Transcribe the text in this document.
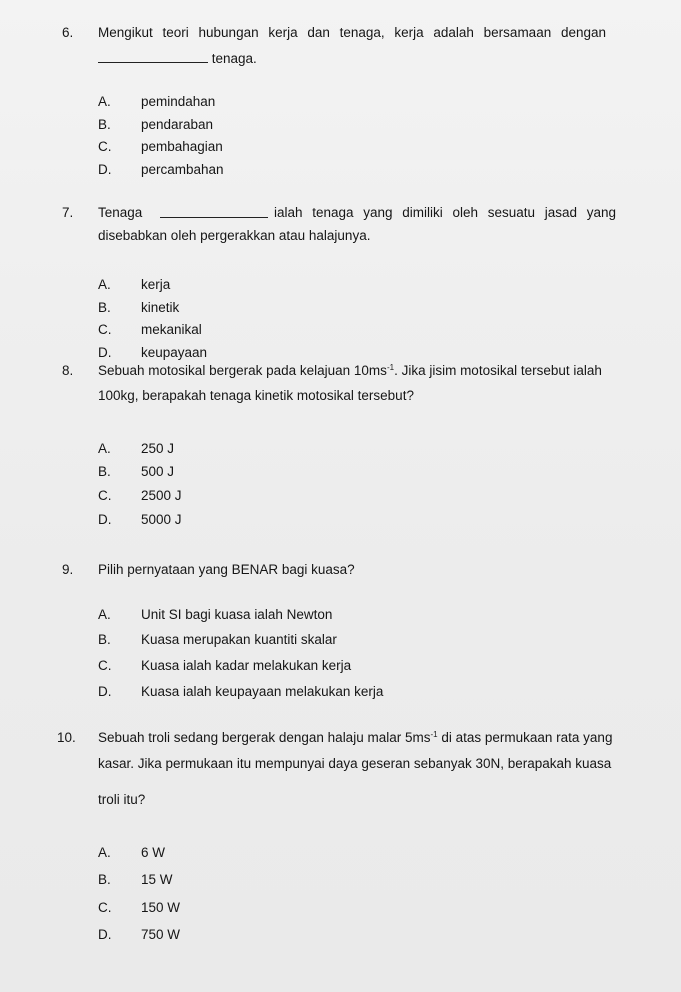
6. Mengikut teori hubungan kerja dan tenaga, kerja adalah bersamaan dengan
tenaga.
A. pemindahan
B. pendaraban
C. pembahagian
D. percambahan
7. Tenaga	ialah tenaga yang dimiliki oleh sesuatu jasad yang
disebabkan oleh pergerakkan atau halajunya.
A. kerja
B. kinetik
C. mekanikal
D. keupayaan
8. Sebuah motosikal bergerak pada kelajuan $10ms^{-1}$. Jika jisim motosikal tersebut ialah
100kg, berapakah tenaga kinetik motosikal tersebut?
A. 250 J
B. 500 J
C. 2500 J
D. 5000 J
9. Pilih pernyataan yang BENAR bagi kuasa?
A. Unit SI bagi kuasa ialah Newton
B. Kuasa merupakan kuantiti skalar
C. Kuasa ialah kadar melakukan kerja
D. Kuasa ialah keupayaan melakukan kerja
10. Sebuah troli sedang bergerak dengan halaju malar $5ms^{-1}$ di atas permukaan rata yang
kasar. Jika permukaan itu mempunyai daya geseran sebanyak 30N, berapakah kuasa
troli itu?
A. 6 W
B. 15 W
C. 150 W
D. 750 W
